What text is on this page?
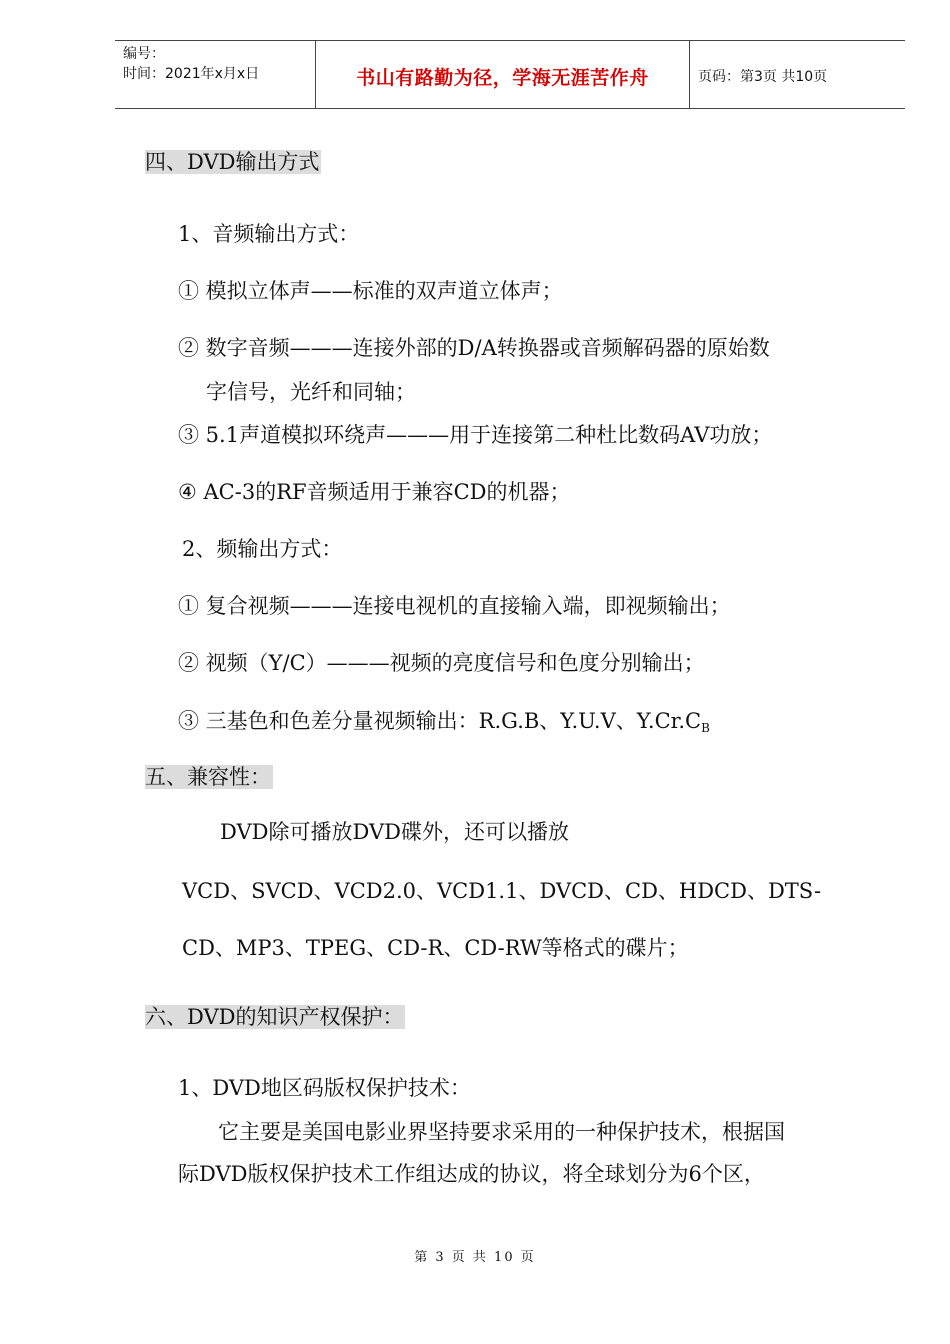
编号：
时间：2021年x月x日	书山有路勤为径，学海无涯苦作舟	页码：第3页 共10页
四、DVD输出方式
1、音频输出方式：
① 模拟立体声——标准的双声道立体声；
② 数字音频———连接外部的D/A转换器或音频解码器的原始数
字信号，光纤和同轴；
③ 5.1声道模拟环绕声———用于连接第二种杜比数码AV功放；
④ AC-3的RF音频适用于兼容CD的机器；
2、频输出方式：
① 复合视频———连接电视机的直接输入端，即视频输出；
② 视频（Y/C）———视频的亮度信号和色度分别输出；
③ 三基色和色差分量视频输出：R.G.B、Y.U.V、$Y.Cr.C_B$
五、兼容性：
DVD除可播放DVD碟外，还可以播放
VCD、SVCD、VCD2.0、VCD1.1、DVCD、CD、HDCD、DTS-
CD、MP3、TPEG、CD-R、CD-RW等格式的碟片；
六、DVD的知识产权保护：
1、DVD地区码版权保护技术：
它主要是美国电影业界坚持要求采用的一种保护技术，根据国
际DVD版权保护技术工作组达成的协议，将全球划分为6个区，
第 3 页 共 10 页
